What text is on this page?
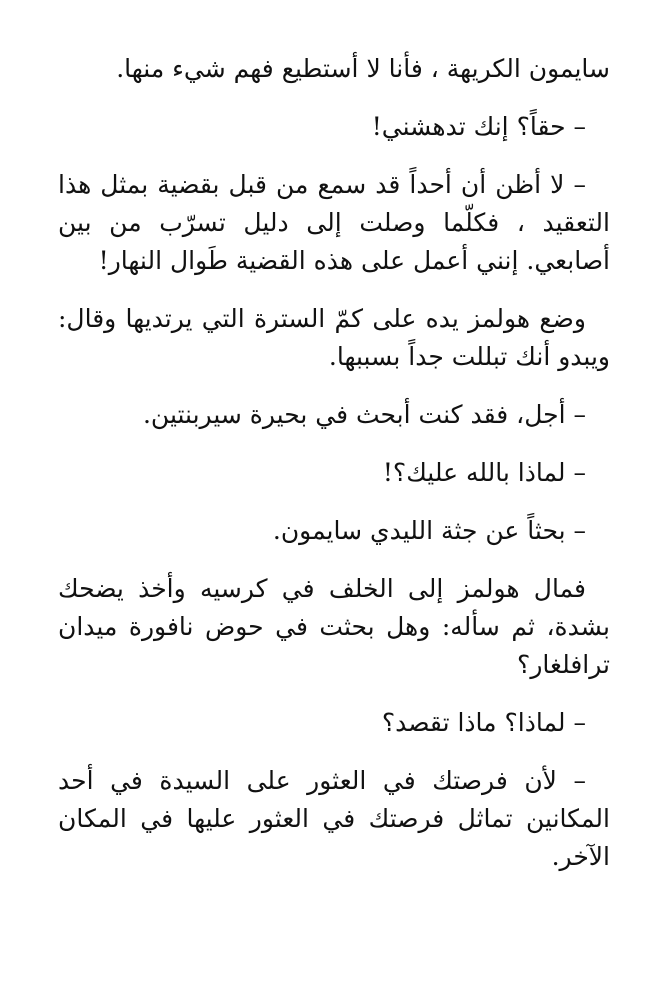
سايمون الكريهة ، فأنا لا أستطيع فهم شيء منها.

– حقاً؟ إنك تدهشني!

– لا أظن أن أحداً قد سمع من قبل بقضية بمثل هذا التعقيد ، فكلّما وصلت إلى دليل تسرّب من بين أصابعي. إنني أعمل على هذه القضية طَوال النهار!

وضع هولمز يده على كمّ السترة التي يرتديها وقال: ويبدو أنك تبللت جداً بسببها.

– أجل، فقد كنت أبحث في بحيرة سيربنتين.

– لماذا بالله عليك؟!

– بحثاً عن جثة الليدي سايمون.

فمال هولمز إلى الخلف في كرسيه وأخذ يضحك بشدة، ثم سأله: وهل بحثت في حوض نافورة ميدان ترافلغار؟

– لماذا؟ ماذا تقصد؟

– لأن فرصتك في العثور على السيدة في أحد المكانين تماثل فرصتك في العثور عليها في المكان الآخر.
